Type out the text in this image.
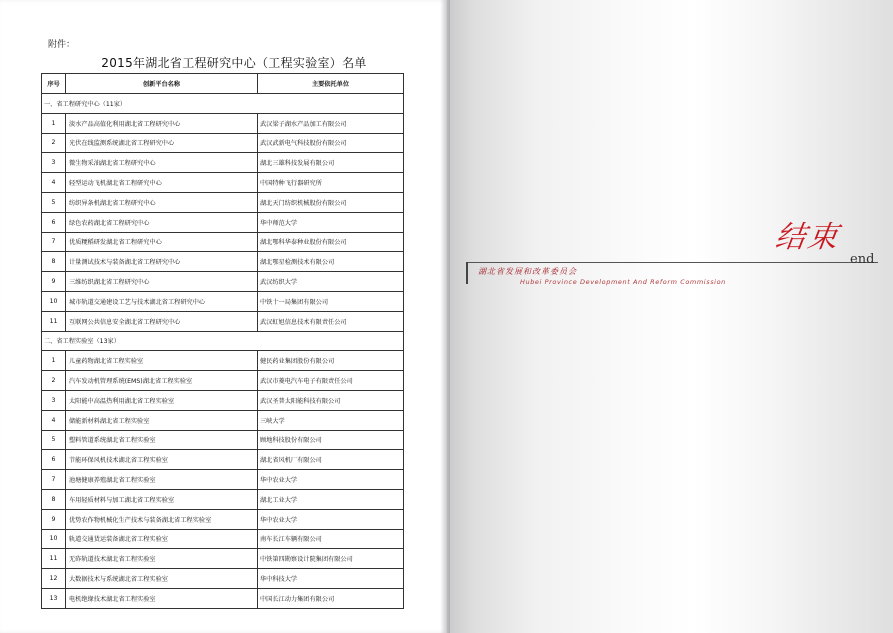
附件：
2015年湖北省工程研究中心（工程实验室）名单
序号	创新平台名称	主要依托单位
一、省工程研究中心（11家）		
1	淡水产品高值化利用湖北省工程研究中心	武汉梁子湖水产品加工有限公司
2	光伏在线监测系统湖北省工程研究中心	武汉武新电气科技股份有限公司
3	微生物采油湖北省工程研究中心	湖北三雄科技发展有限公司
4	轻型运动飞机湖北省工程研究中心	中国特种飞行器研究所
5	纺织异条机湖北省工程研究中心	湖北天门纺织机械股份有限公司
6	绿色农药湖北省工程研究中心	华中师范大学
7	优质粳稻研发湖北省工程研究中心	湖北鄂科华泰种业股份有限公司
8	计量测试技术与装备湖北省工程研究中心	湖北鄂星检测技术有限公司
9	三维纺织湖北省工程研究中心	武汉纺织大学
10	城市轨道交通建设工艺与技术湖北省工程研究中心	中铁十一局集团有限公司
11	互联网公共信息安全湖北省工程研究中心	武汉虹旭信息技术有限责任公司
二、省工程实验室（13家）		
1	儿童药物湖北省工程实验室	健民药业集团股份有限公司
2	汽车发动机管理系统(EMS)湖北省工程实验室	武汉市菱电汽车电子有限责任公司
3	太阳能中高温热利用湖北省工程实验室	武汉圣普太阳能科技有限公司
4	储能新材料湖北省工程实验室	三峡大学
5	塑料管道系统湖北省工程实验室	顾地科技股份有限公司
6	节能环保风机技术湖北省工程实验室	湖北省风机厂有限公司
7	池塘健康养殖湖北省工程实验室	华中农业大学
8	车用轻质材料与加工湖北省工程实验室	湖北工业大学
9	优势农作物机械化生产技术与装备湖北省工程实验室	华中农业大学
10	轨道交通货运装备湖北省工程实验室	南车长江车辆有限公司
11	无砟轨道技术湖北省工程实验室	中铁第四勘察设计院集团有限公司
12	大数据技术与系统湖北省工程实验室	华中科技大学
13	电机绝缘技术湖北省工程实验室	中国长江动力集团有限公司
结束
end
湖北省发展和改革委员会
Hubei Province Development And Reform Commission
